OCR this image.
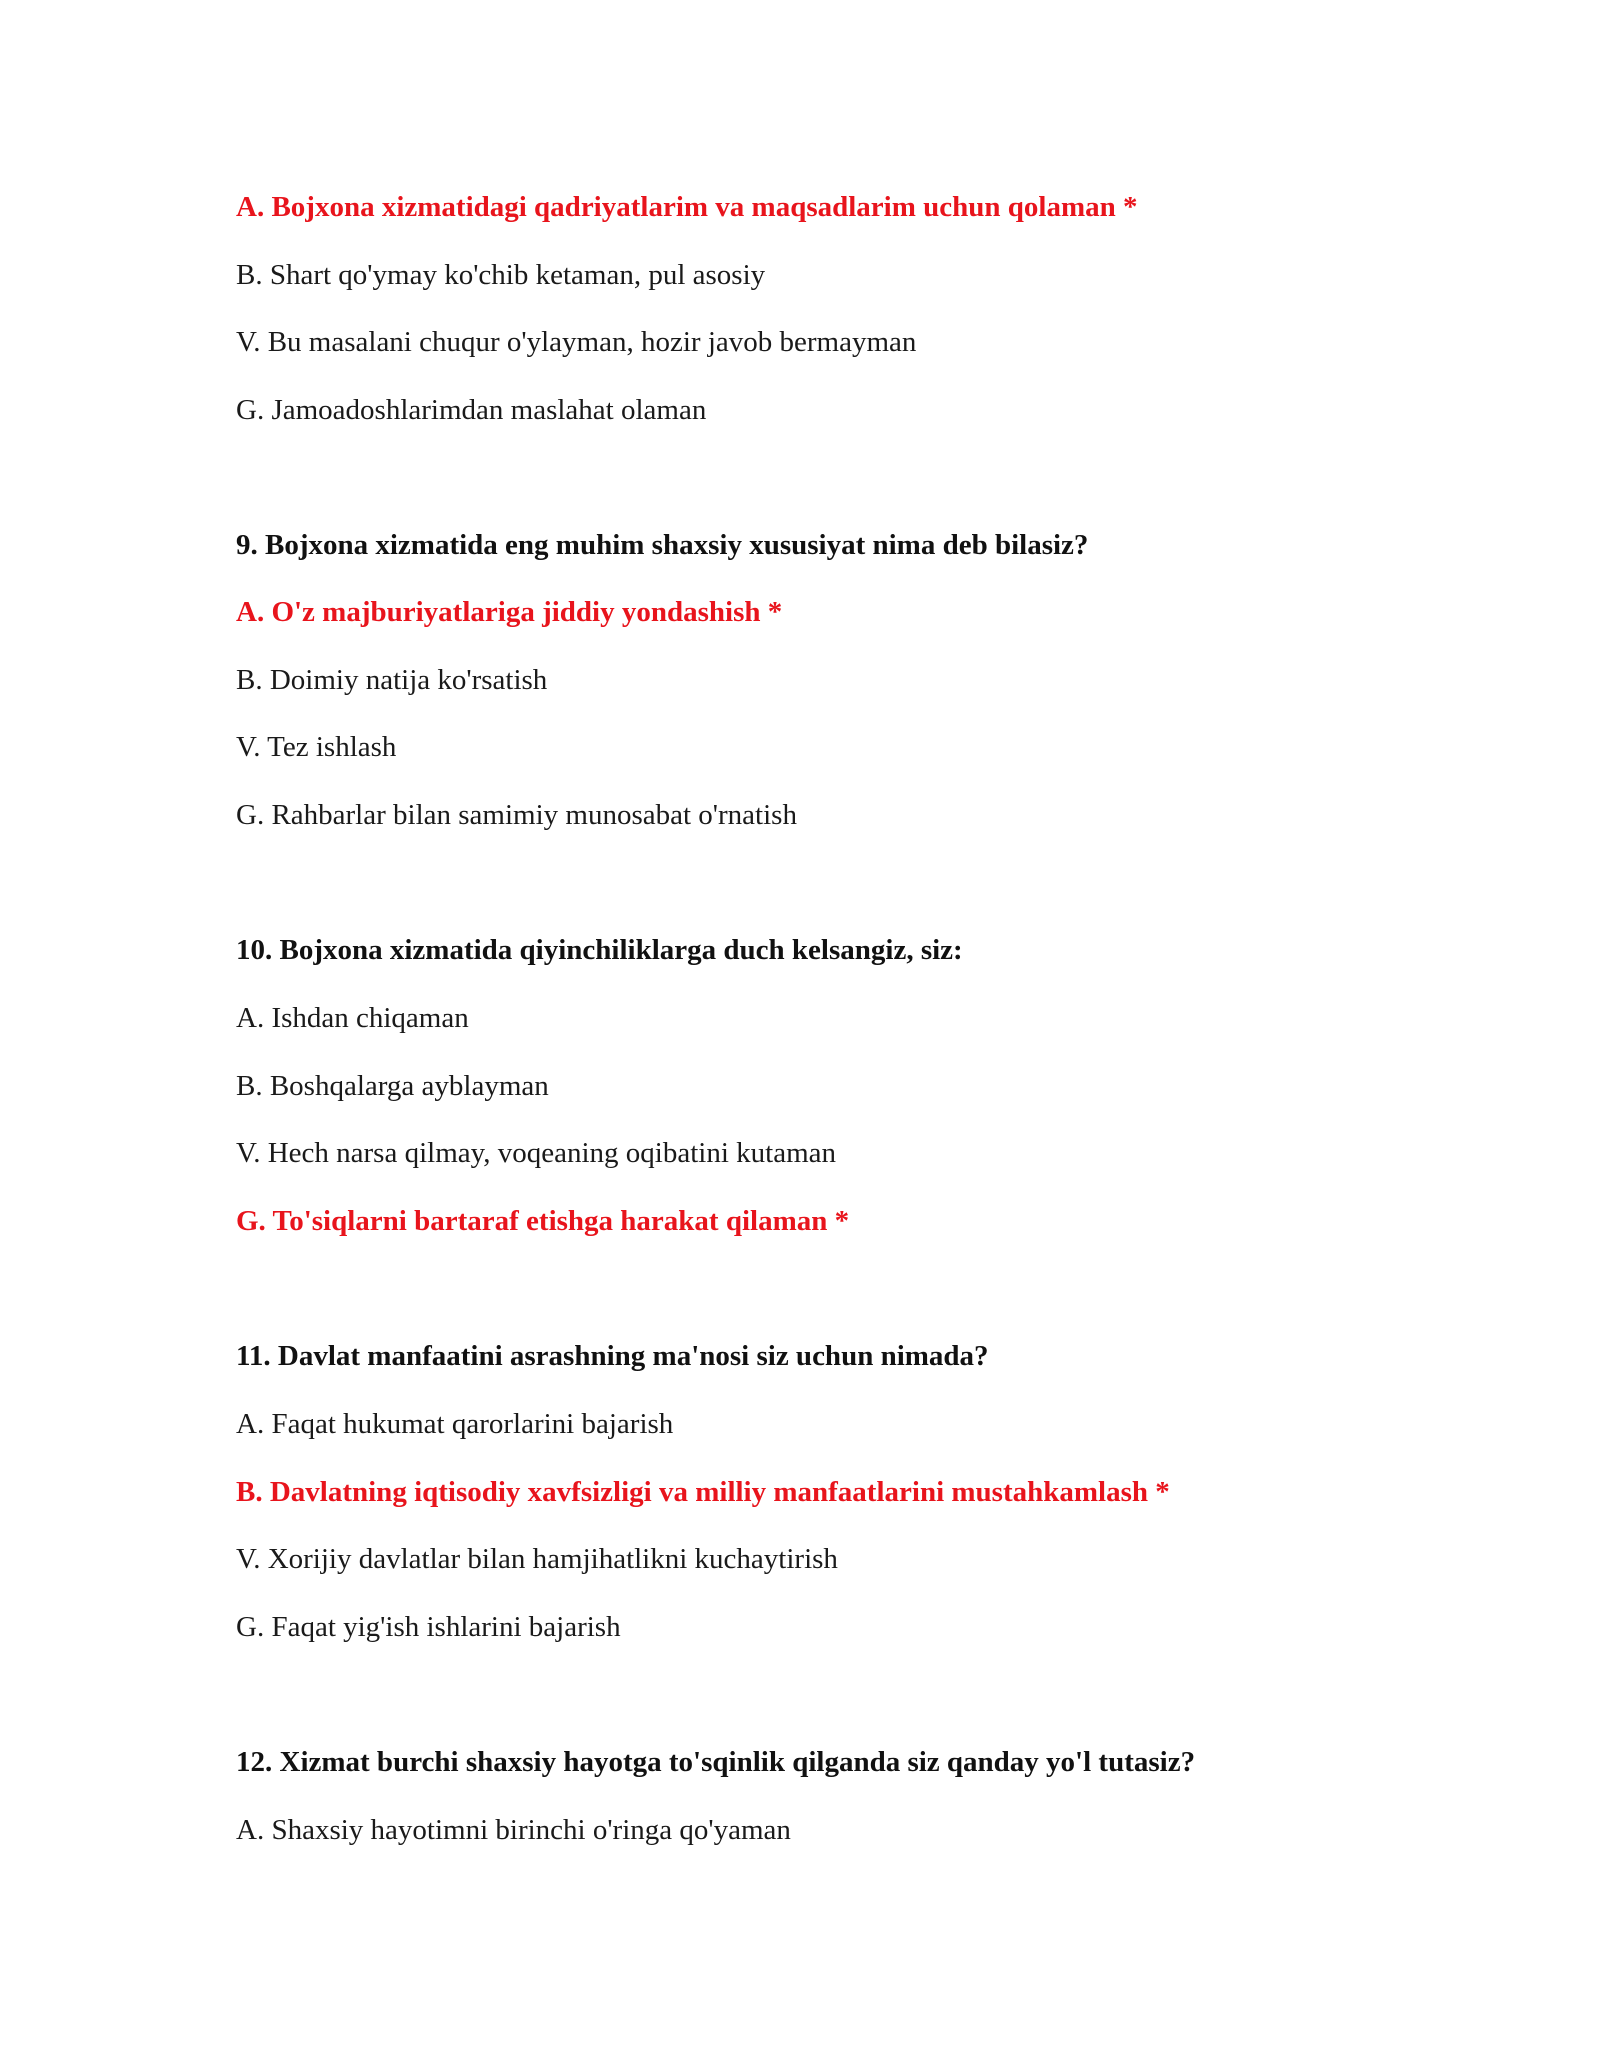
A. Bojxona xizmatidagi qadriyatlarim va maqsadlarim uchun qolaman *
B. Shart qo'ymay ko'chib ketaman, pul asosiy
V. Bu masalani chuqur o'ylayman, hozir javob bermayman
G. Jamoadoshlarimdan maslahat olaman
9. Bojxona xizmatida eng muhim shaxsiy xususiyat nima deb bilasiz?
A. O'z majburiyatlariga jiddiy yondashish *
B. Doimiy natija ko'rsatish
V. Tez ishlash
G. Rahbarlar bilan samimiy munosabat o'rnatish
10. Bojxona xizmatida qiyinchiliklarga duch kelsangiz, siz:
A. Ishdan chiqaman
B. Boshqalarga ayblayman
V. Hech narsa qilmay, voqeaning oqibatini kutaman
G. To'siqlarni bartaraf etishga harakat qilaman *
11. Davlat manfaatini asrashning ma'nosi siz uchun nimada?
A. Faqat hukumat qarorlarini bajarish
B. Davlatning iqtisodiy xavfsizligi va milliy manfaatlarini mustahkamlash *
V. Xorijiy davlatlar bilan hamjihatlikni kuchaytirish
G. Faqat yig'ish ishlarini bajarish
12. Xizmat burchi shaxsiy hayotga to'sqinlik qilganda siz qanday yo'l tutasiz?
A. Shaxsiy hayotimni birinchi o'ringa qo'yaman
